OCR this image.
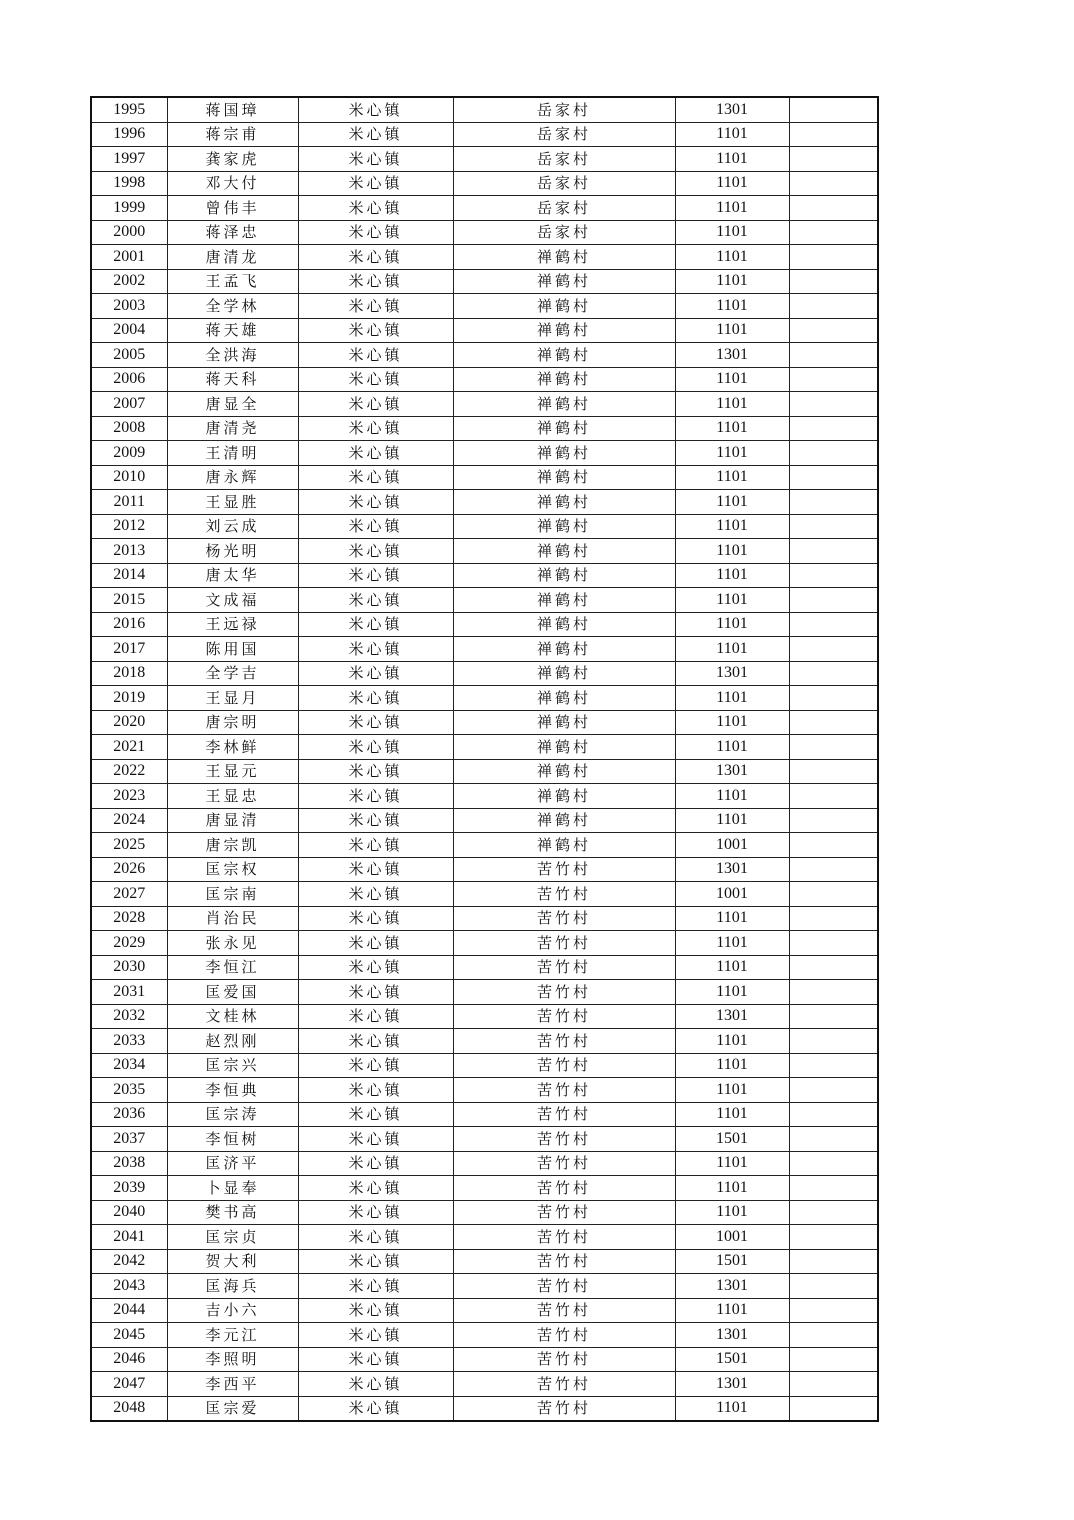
1995	蒋国璋	米心镇	岳家村	1301	
1996	蒋宗甫	米心镇	岳家村	1101	
1997	龚家虎	米心镇	岳家村	1101	
1998	邓大付	米心镇	岳家村	1101	
1999	曾伟丰	米心镇	岳家村	1101	
2000	蒋泽忠	米心镇	岳家村	1101	
2001	唐清龙	米心镇	禅鹤村	1101	
2002	王孟飞	米心镇	禅鹤村	1101	
2003	全学林	米心镇	禅鹤村	1101	
2004	蒋天雄	米心镇	禅鹤村	1101	
2005	全洪海	米心镇	禅鹤村	1301	
2006	蒋天科	米心镇	禅鹤村	1101	
2007	唐显全	米心镇	禅鹤村	1101	
2008	唐清尧	米心镇	禅鹤村	1101	
2009	王清明	米心镇	禅鹤村	1101	
2010	唐永辉	米心镇	禅鹤村	1101	
2011	王显胜	米心镇	禅鹤村	1101	
2012	刘云成	米心镇	禅鹤村	1101	
2013	杨光明	米心镇	禅鹤村	1101	
2014	唐太华	米心镇	禅鹤村	1101	
2015	文成福	米心镇	禅鹤村	1101	
2016	王远禄	米心镇	禅鹤村	1101	
2017	陈用国	米心镇	禅鹤村	1101	
2018	全学吉	米心镇	禅鹤村	1301	
2019	王显月	米心镇	禅鹤村	1101	
2020	唐宗明	米心镇	禅鹤村	1101	
2021	李林鲜	米心镇	禅鹤村	1101	
2022	王显元	米心镇	禅鹤村	1301	
2023	王显忠	米心镇	禅鹤村	1101	
2024	唐显清	米心镇	禅鹤村	1101	
2025	唐宗凯	米心镇	禅鹤村	1001	
2026	匡宗权	米心镇	苦竹村	1301	
2027	匡宗南	米心镇	苦竹村	1001	
2028	肖治民	米心镇	苦竹村	1101	
2029	张永见	米心镇	苦竹村	1101	
2030	李恒江	米心镇	苦竹村	1101	
2031	匡爱国	米心镇	苦竹村	1101	
2032	文桂林	米心镇	苦竹村	1301	
2033	赵烈刚	米心镇	苦竹村	1101	
2034	匡宗兴	米心镇	苦竹村	1101	
2035	李恒典	米心镇	苦竹村	1101	
2036	匡宗涛	米心镇	苦竹村	1101	
2037	李恒树	米心镇	苦竹村	1501	
2038	匡济平	米心镇	苦竹村	1101	
2039	卜显奉	米心镇	苦竹村	1101	
2040	樊书高	米心镇	苦竹村	1101	
2041	匡宗贞	米心镇	苦竹村	1001	
2042	贺大利	米心镇	苦竹村	1501	
2043	匡海兵	米心镇	苦竹村	1301	
2044	吉小六	米心镇	苦竹村	1101	
2045	李元江	米心镇	苦竹村	1301	
2046	李照明	米心镇	苦竹村	1501	
2047	李西平	米心镇	苦竹村	1301	
2048	匡宗爱	米心镇	苦竹村	1101	
